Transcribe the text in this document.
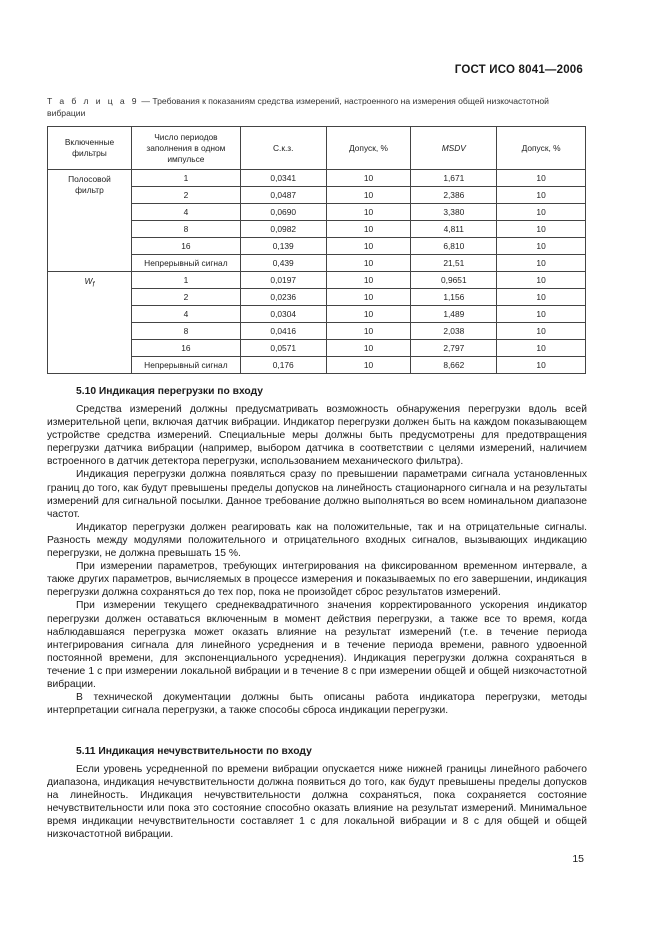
ГОСТ ИСО 8041—2006
Т а б л и ц а 9 — Требования к показаниям средства измерений, настроенного на измерения общей низкочастотной вибрации
Включенные фильтры	Число периодов заполнения в одном импульсе	С.к.з.	Допуск, %	MSDV	Допуск, %
Полосовой фильтр	1	0,0341	10	1,671	10
	2	0,0487	10	2,386	10
	4	0,0690	10	3,380	10
	8	0,0982	10	4,811	10
	16	0,139	10	6,810	10
	Непрерывный сигнал	0,439	10	21,51	10
$W_f$	1	0,0197	10	0,9651	10
	2	0,0236	10	1,156	10
	4	0,0304	10	1,489	10
	8	0,0416	10	2,038	10
	16	0,0571	10	2,797	10
	Непрерывный сигнал	0,176	10	8,662	10

5.10 Индикация перегрузки по входу

Средства измерений должны предусматривать возможность обнаружения перегрузки вдоль всей измерительной цепи, включая датчик вибрации. Индикатор перегрузки должен быть на каждом показывающем устройстве средства измерений. Специальные меры должны быть предусмотрены для предотвращения перегрузки датчика вибрации (например, выбором датчика в соответствии с целями измерений, наличием встроенного в датчик детектора перегрузки, использованием механического фильтра).

Индикация перегрузки должна появляться сразу по превышении параметрами сигнала установленных границ до того, как будут превышены пределы допусков на линейность стационарного сигнала и на результаты измерений для сигнальной посылки. Данное требование должно выполняться во всем номинальном диапазоне частот.

Индикатор перегрузки должен реагировать как на положительные, так и на отрицательные сигналы. Разность между модулями положительного и отрицательного входных сигналов, вызывающих индикацию перегрузки, не должна превышать 15 %.

При измерении параметров, требующих интегрирования на фиксированном временном интервале, а также других параметров, вычисляемых в процессе измерения и показываемых по его завершении, индикация перегрузки должна сохраняться до тех пор, пока не произойдет сброс результатов измерений.

При измерении текущего среднеквадратичного значения корректированного ускорения индикатор перегрузки должен оставаться включенным в момент действия перегрузки, а также все то время, когда наблюдавшаяся перегрузка может оказать влияние на результат измерений (т.е. в течение периода интегрирования сигнала для линейного усреднения и в течение периода времени, равного удвоенной постоянной времени, для экспоненциального усреднения). Индикация перегрузки должна сохраняться в течение 1 с при измерении локальной вибрации и в течение 8 с при измерении общей и общей низкочастотной вибрации.

В технической документации должны быть описаны работа индикатора перегрузки, методы интерпретации сигнала перегрузки, а также способы сброса индикации перегрузки.

5.11 Индикация нечувствительности по входу

Если уровень усредненной по времени вибрации опускается ниже нижней границы линейного рабочего диапазона, индикация нечувствительности должна появиться до того, как будут превышены пределы допусков на линейность. Индикация нечувствительности должна сохраняться, пока сохраняется состояние нечувствительности или пока это состояние способно оказать влияние на результат измерений. Минимальное время индикации нечувствительности составляет 1 с для локальной вибрации и 8 с для общей и общей низкочастотной вибрации.

15
